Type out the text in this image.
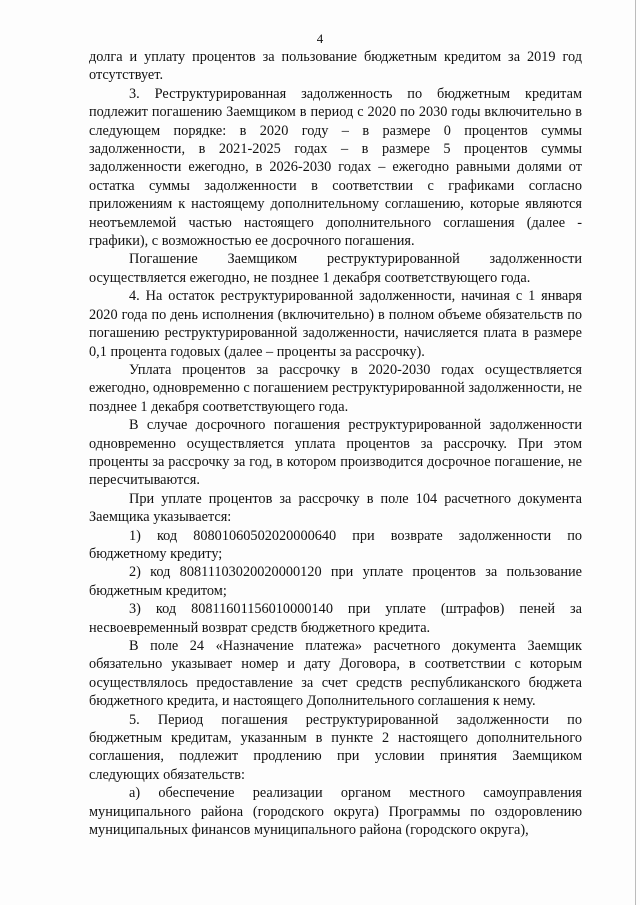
4

долга и уплату процентов за пользование бюджетным кредитом за 2019 год отсутствует.

3. Реструктурированная задолженность по бюджетным кредитам подлежит погашению Заемщиком в период с 2020 по 2030 годы включительно в следующем порядке: в 2020 году – в размере 0 процентов суммы задолженности, в 2021-2025 годах – в размере 5 процентов суммы задолженности ежегодно, в 2026-2030 годах – ежегодно равными долями от остатка суммы задолженности в соответствии с графиками согласно приложениям к настоящему дополнительному соглашению, которые являются неотъемлемой частью настоящего дополнительного соглашения (далее - графики), с возможностью ее досрочного погашения.

Погашение Заемщиком реструктурированной задолженности осуществляется ежегодно, не позднее 1 декабря соответствующего года.

4. На остаток реструктурированной задолженности, начиная с 1 января 2020 года по день исполнения (включительно) в полном объеме обязательств по погашению реструктурированной задолженности, начисляется плата в размере 0,1 процента годовых (далее – проценты за рассрочку).

Уплата процентов за рассрочку в 2020-2030 годах осуществляется ежегодно, одновременно с погашением реструктурированной задолженности, не позднее 1 декабря соответствующего года.

В случае досрочного погашения реструктурированной задолженности одновременно осуществляется уплата процентов за рассрочку. При этом проценты за рассрочку за год, в котором производится досрочное погашение, не пересчитываются.

При уплате процентов за рассрочку в поле 104 расчетного документа Заемщика указывается:

1) код 80801060502020000640 при возврате задолженности по бюджетному кредиту;

2) код 80811103020020000120 при уплате процентов за пользование бюджетным кредитом;

3) код 80811601156010000140 при уплате (штрафов) пеней за несвоевременный возврат средств бюджетного кредита.

В поле 24 «Назначение платежа» расчетного документа Заемщик обязательно указывает номер и дату Договора, в соответствии с которым осуществлялось предоставление за счет средств республиканского бюджета бюджетного кредита, и настоящего Дополнительного соглашения к нему.

5. Период погашения реструктурированной задолженности по бюджетным кредитам, указанным в пункте 2 настоящего дополнительного соглашения, подлежит продлению при условии принятия Заемщиком следующих обязательств:

а) обеспечение реализации органом местного самоуправления муниципального района (городского округа) Программы по оздоровлению муниципальных финансов муниципального района (городского округа),
